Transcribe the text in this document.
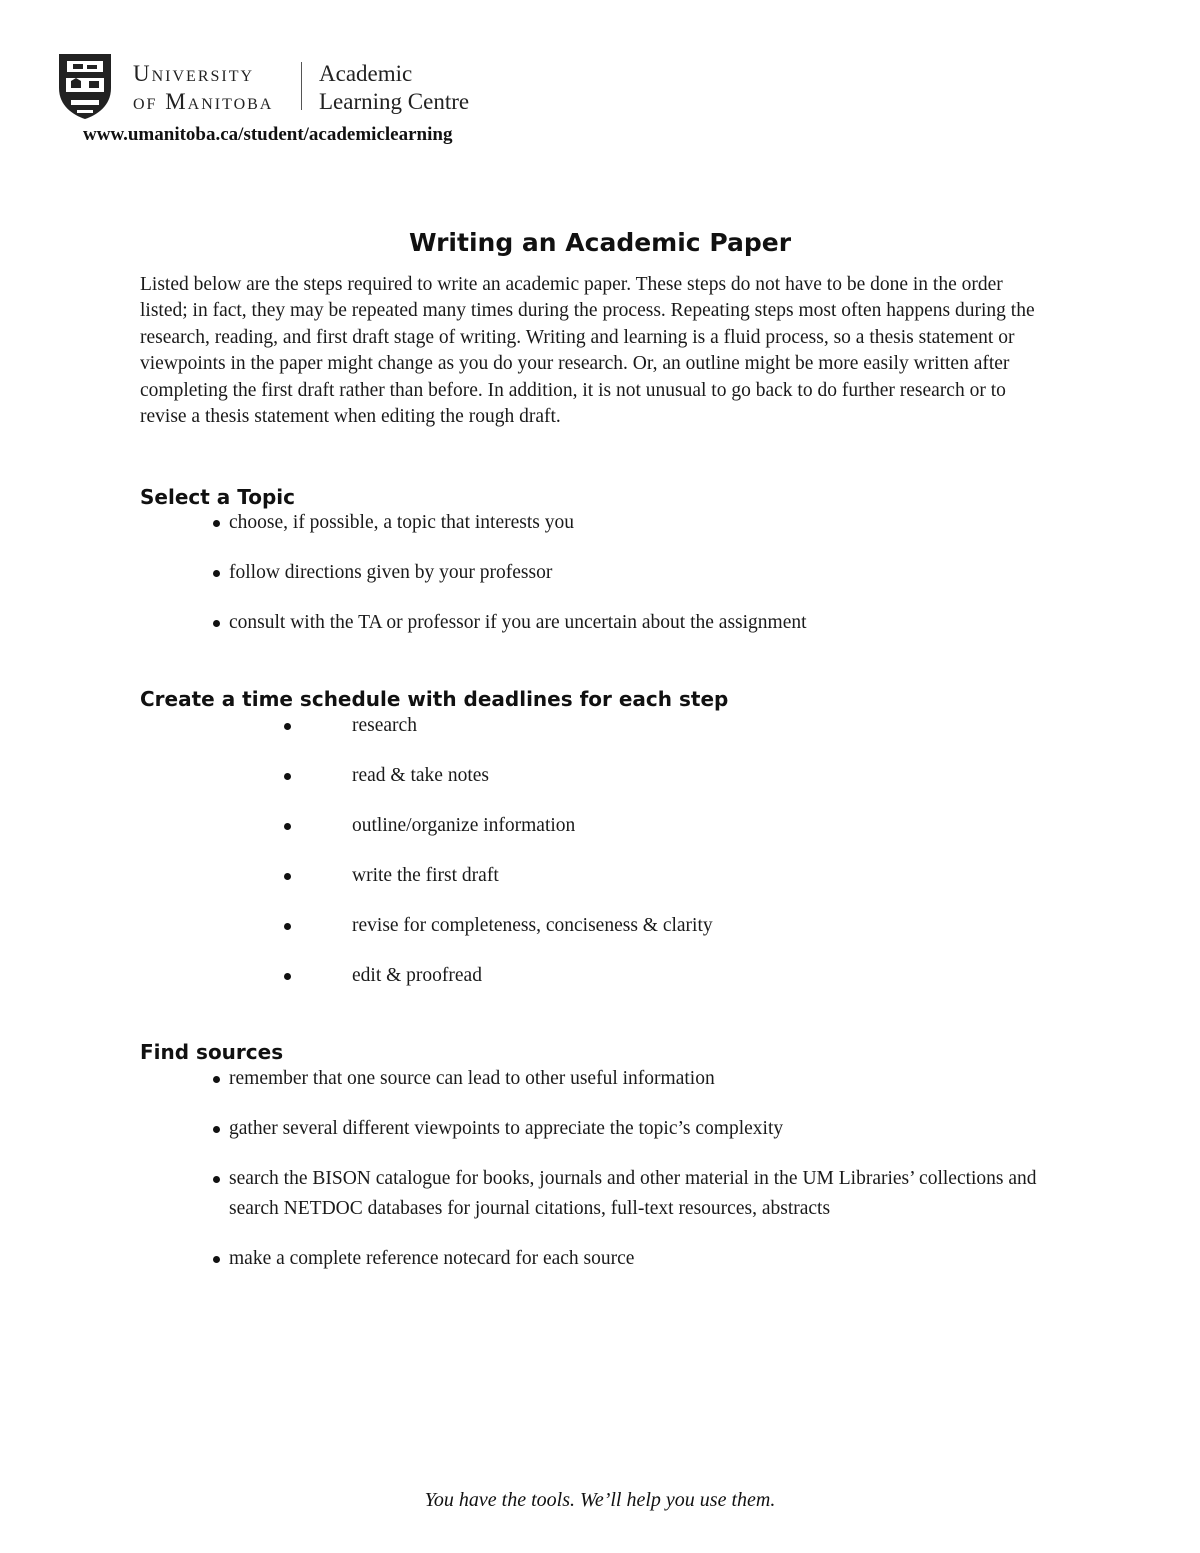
University
of Manitoba
Academic
Learning Centre
www.umanitoba.ca/student/academiclearning
Writing an Academic Paper

Listed below are the steps required to write an academic paper. These steps do not have to be done in the order listed; in fact, they may be repeated many times during the process. Repeating steps most often happens during the research, reading, and first draft stage of writing. Writing and learning is a fluid process, so a thesis statement or viewpoints in the paper might change as you do your research. Or, an outline might be more easily written after completing the first draft rather than before. In addition, it is not unusual to go back to do further research or to revise a thesis statement when editing the rough draft.

Select a Topic
choose, if possible, a topic that interests you
follow directions given by your professor
consult with the TA or professor if you are uncertain about the assignment
Create a time schedule with deadlines for each step
research
read & take notes
outline/organize information
write the first draft
revise for completeness, conciseness & clarity
edit & proofread
Find sources
remember that one source can lead to other useful information
gather several different viewpoints to appreciate the topic’s complexity
search the BISON catalogue for books, journals and other material in the UM Libraries’ collections and search NETDOC databases for journal citations, full-text resources, abstracts
make a complete reference notecard for each source
You have the tools. We’ll help you use them.
